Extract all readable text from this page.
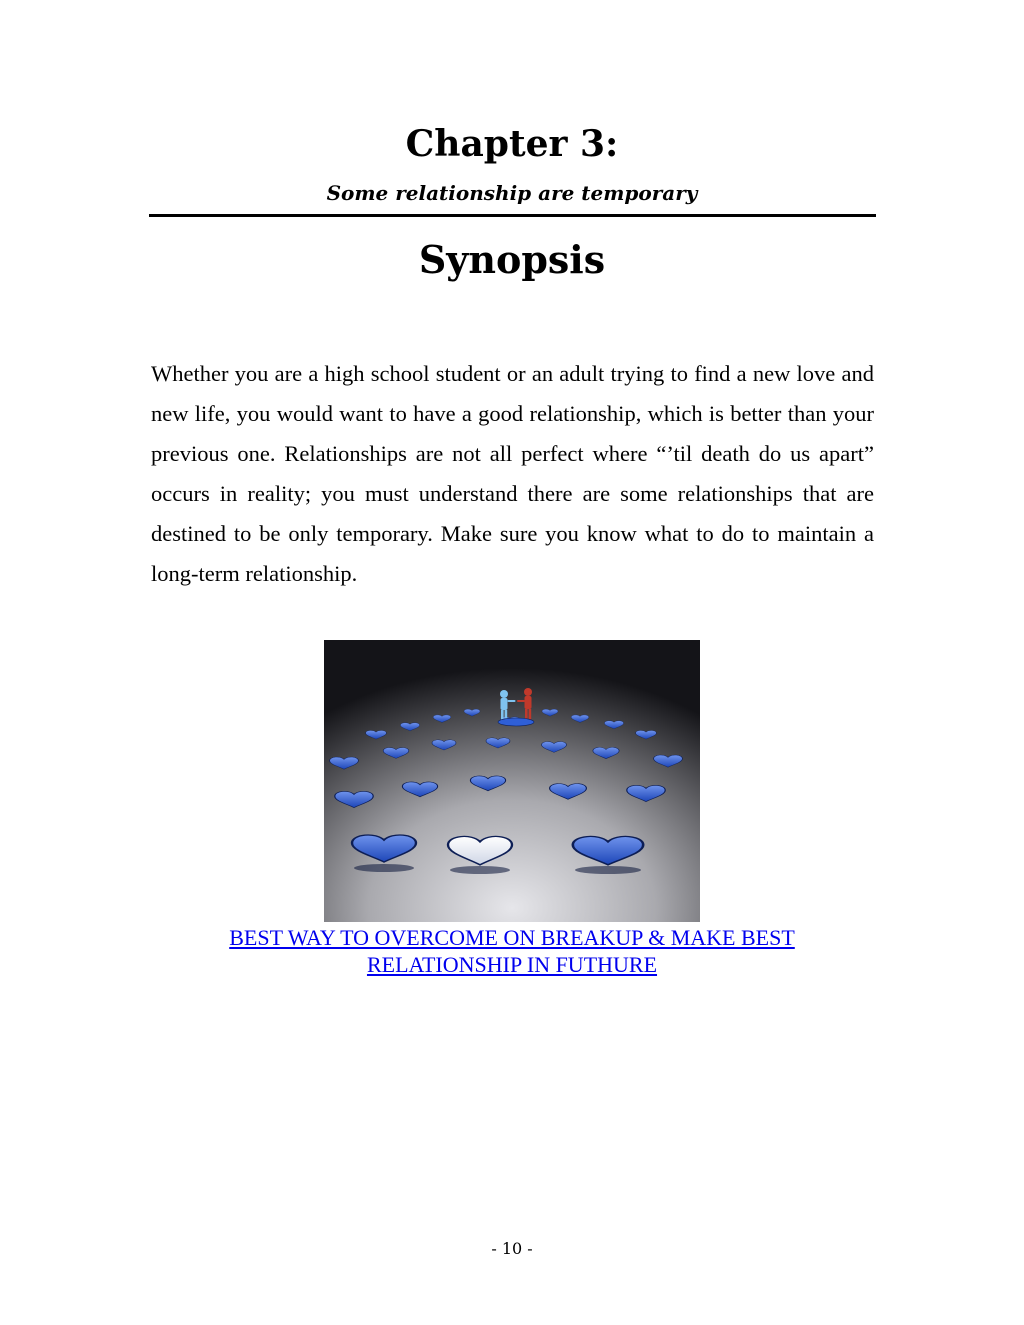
Chapter 3:

Some relationship are temporary

Synopsis

Whether you are a high school student or an adult trying to find a new love and new life, you would want to have a good relationship, which is better than your previous one. Relationships are not all perfect where “’til death do us apart” occurs in reality; you must understand there are some relationships that are destined to be only temporary. Make sure you know what to do to maintain a long-term relationship.

BEST WAY TO OVERCOME ON BREAKUP & MAKE BEST
RELATIONSHIP IN FUTHURE

- 10 -
